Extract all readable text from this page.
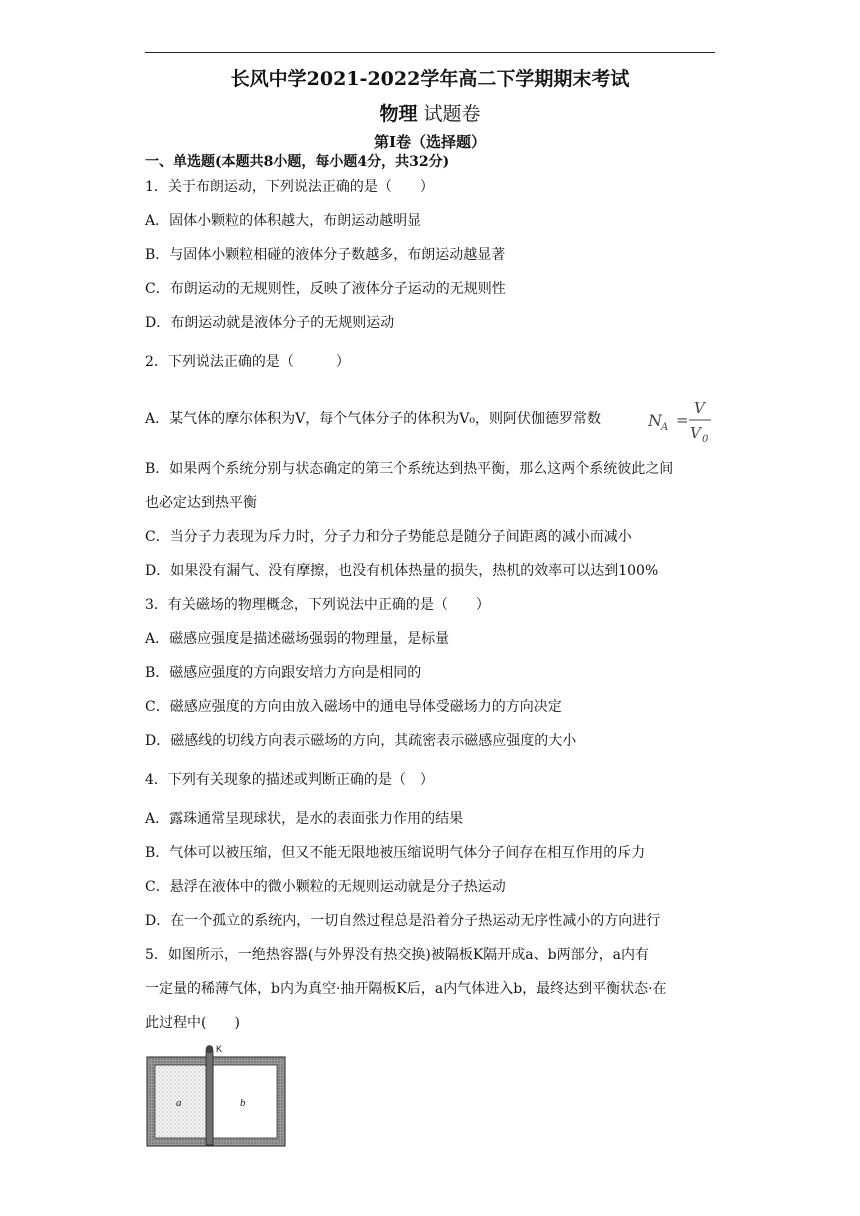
长风中学2021-2022学年高二下学期期末考试
物理 试题卷
第Ⅰ卷（选择题）
一、单选题(本题共8小题，每小题4分，共32分)
1．关于布朗运动，下列说法正确的是（　　）
A．固体小颗粒的体积越大，布朗运动越明显
B．与固体小颗粒相碰的液体分子数越多，布朗运动越显著
C．布朗运动的无规则性，反映了液体分子运动的无规则性
D．布朗运动就是液体分子的无规则运动
2．下列说法正确的是（　　　）
A．某气体的摩尔体积为V，每个气体分子的体积为V₀，则阿伏伽德罗常数	N A =
V
V 0
B．如果两个系统分别与状态确定的第三个系统达到热平衡，那么这两个系统彼此之间
也必定达到热平衡
C．当分子力表现为斥力时，分子力和分子势能总是随分子间距离的减小而减小
D．如果没有漏气、没有摩擦，也没有机体热量的损失，热机的效率可以达到100%
3．有关磁场的物理概念，下列说法中正确的是（　　）
A．磁感应强度是描述磁场强弱的物理量，是标量
B．磁感应强度的方向跟安培力方向是相同的
C．磁感应强度的方向由放入磁场中的通电导体受磁场力的方向决定
D．磁感线的切线方向表示磁场的方向，其疏密表示磁感应强度的大小
4．下列有关现象的描述或判断正确的是（　）
A．露珠通常呈现球状，是水的表面张力作用的结果
B．气体可以被压缩，但又不能无限地被压缩说明气体分子间存在相互作用的斥力
C．悬浮在液体中的微小颗粒的无规则运动就是分子热运动
D．在一个孤立的系统内，一切自然过程总是沿着分子热运动无序性减小的方向进行
5．如图所示，一绝热容器(与外界没有热交换)被隔板K隔开成a、b两部分，a内有
一定量的稀薄气体，b内为真空·抽开隔板K后，a内气体进入b，最终达到平衡状态·在
此过程中(　　)
K
a	b
